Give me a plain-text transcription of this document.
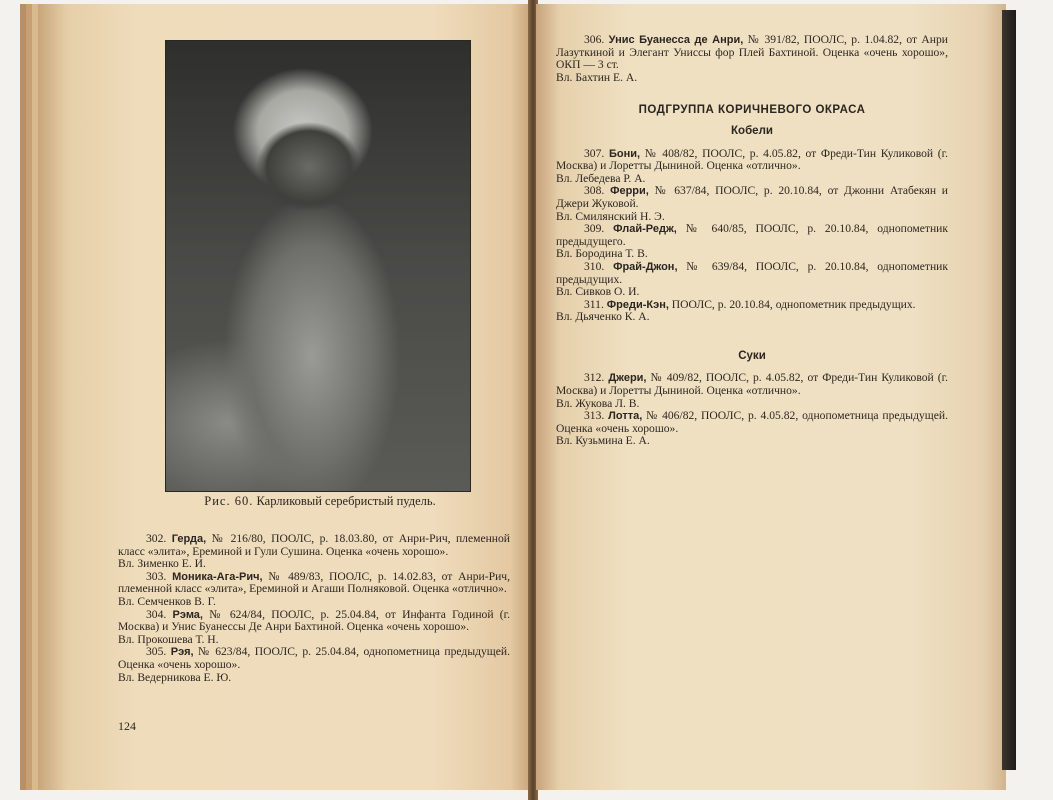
Рис. 60. Карликовый серебристый пудель.

302. Герда, № 216/80, ПООЛС, р. 18.03.80, от Анри-Рич, племенной класс «элита», Ереминой и Гули Сушина. Оценка «очень хорошо».

Вл. Зименко Е. И.

303. Моника-Ага-Рич, № 489/83, ПООЛС, р. 14.02.83, от Анри-Рич, племенной класс «элита», Ереминой и Агаши Полняковой. Оценка «отлично».

Вл. Семченков В. Г.

304. Рэма, № 624/84, ПООЛС, р. 25.04.84, от Инфанта Годиной (г. Москва) и Унис Буанессы Де Анри Бахтиной. Оценка «очень хорошо».

Вл. Прокошева Т. Н.

305. Рэя, № 623/84, ПООЛС, р. 25.04.84, однопометница предыдущей. Оценка «очень хорошо».

Вл. Ведерникова Е. Ю.

124

306. Унис Буанесса де Анри, № 391/82, ПООЛС, р. 1.04.82, от Анри Лазуткиной и Элегант Униссы фор Плей Бахтиной. Оценка «очень хорошо», ОКП — 3 ст.

Вл. Бахтин Е. А.

ПОДГРУППА КОРИЧНЕВОГО ОКРАСА
Кобели

307. Бони, № 408/82, ПООЛС, р. 4.05.82, от Фреди-Тин Куликовой (г. Москва) и Лоретты Дыниной. Оценка «отлично».

Вл. Лебедева Р. А.

308. Ферри, № 637/84, ПООЛС, р. 20.10.84, от Джонни Атабекян и Джери Жуковой.

Вл. Смилянский Н. Э.

309. Флай-Редж, № 640/85, ПООЛС, р. 20.10.84, однопометник предыдущего.

Вл. Бородина Т. В.

310. Фрай-Джон, № 639/84, ПООЛС, р. 20.10.84, однопометник предыдущих.

Вл. Сивков О. И.

311. Фреди-Кэн, ПООЛС, р. 20.10.84, однопометник предыдущих.

Вл. Дьяченко К. А.

Суки

312. Джери, № 409/82, ПООЛС, р. 4.05.82, от Фреди-Тин Куликовой (г. Москва) и Лоретты Дыниной. Оценка «отлично».

Вл. Жукова Л. В.

313. Лотта, № 406/82, ПООЛС, р. 4.05.82, однопометница предыдущей. Оценка «очень хорошо».

Вл. Кузьмина Е. А.
